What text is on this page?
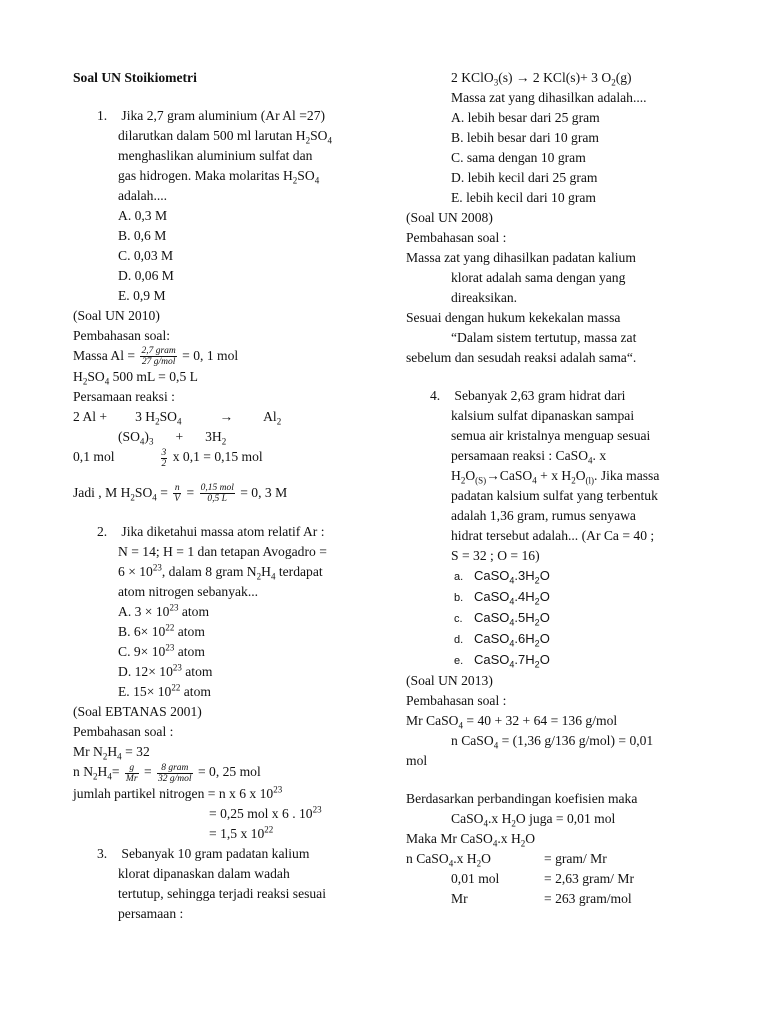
Soal UN Stoikiometri
1. Jika 2,7 gram aluminium (Ar Al =27)
dilarutkan dalam 500 ml larutan $H_2SO_4$
menghaslikan aluminium sulfat dan
gas hidrogen. Maka molaritas $H_2SO_4$
adalah....
A. 0,3 M
B. 0,6 M
C. 0,03 M
D. 0,06 M
E. 0,9 M
(Soal UN 2010)
Pembahasan soal:
Massa $Al = \frac{\text{2,7 gram}}{\text{27 g/mol}} = 0$, 1 mol
$H_2SO_4$ 500 mL = 0,5 L
Persamaan reaksi :
2 Al + 3 $H_2SO_4$	→ $Al_2$
$(SO_4)_3 + 3H_2$
0,1 mol	$\frac{3}{2}$ x 0,1 = 0,15 mol
Jadi , M $H_2SO_4 = \frac{n}{V} = \frac{\text{0,15 mol}}{0,5 L} = 0$, 3 M
2. Jika diketahui massa atom relatif Ar :
N = 14; H = 1 dan tetapan Avogadro =
$6 \times 10^{23}$, dalam 8 gram $N_2H_4$ terdapat
atom nitrogen sebanyak...
A. $3 \times 10^{23}$ atom
B. $6\times 10^{22}$ atom
C. $9\times 10^{23}$ atom
D. $12\times 10^{23}$ atom
E. $15\times 10^{22}$ atom
(Soal EBTANAS 2001)
Pembahasan soal :
Mr $N_2H_4 = 32$
n $N_2H_4= \frac{g}{Mr} = \frac{\text{8 gram}}{\text{32 g/mol}} = 0$, 25 mol
jumlah partikel nitrogen = n x 6 x $10^{23}$
= 0,25 mol x 6 . $10^{23}$
= 1,5 x $10^{22}$
3. Sebanyak 10 gram padatan kalium
klorat dipanaskan dalam wadah
tertutup, sehingga terjadi reaksi sesuai
persamaan :
2 KClO$_3$(s) → 2 KCl(s)+ 3 $O_2(g)$
Massa zat yang dihasilkan adalah....
A. lebih besar dari 25 gram
B. lebih besar dari 10 gram
C. sama dengan 10 gram
D. lebih kecil dari 25 gram
E. lebih kecil dari 10 gram
(Soal UN 2008)
Pembahasan soal :
Massa zat yang dihasilkan padatan kalium
klorat adalah sama dengan yang
direaksikan.
Sesuai dengan hukum kekekalan massa
“Dalam sistem tertutup, massa zat
sebelum dan sesudah reaksi adalah sama“.
4. Sebanyak 2,63 gram hidrat dari
kalsium sulfat dipanaskan sampai
semua air kristalnya menguap sesuai
persamaan reaksi : CaSO$_4$. x
$H_2O_{(S)}\to CaSO_4 + x$ $H_2O_{(l)}$. Jika massa
padatan kalsium sulfat yang terbentuk
adalah 1,36 gram, rumus senyawa
hidrat tersebut adalah... (Ar Ca = 40 ;
S = 32 ; O = 16)
a. $CaSO_4.3H_2O$
b. $CaSO_4.4H_2O$
c. $CaSO_4.5H_2O$
d. $CaSO_4.6H_2O$
e. $CaSO_4.7H_2O$
(Soal UN 2013)
Pembahasan soal :
Mr CaSO$_4$ = 40 + 32 + 64 = 136 g/mol
n CaSO$_4$ = (1,36 g/136 g/mol) = 0,01
mol
Berdasarkan perbandingan koefisien maka
CaSO$_4$.x $H_2O$ juga = 0,01 mol
Maka Mr CaSO$_4$.x $H_2O$
n CaSO$_4$.x $H_2O$	= gram/ Mr
0,01 mol	= 2,63 gram/ Mr
Mr	= 263 gram/mol
